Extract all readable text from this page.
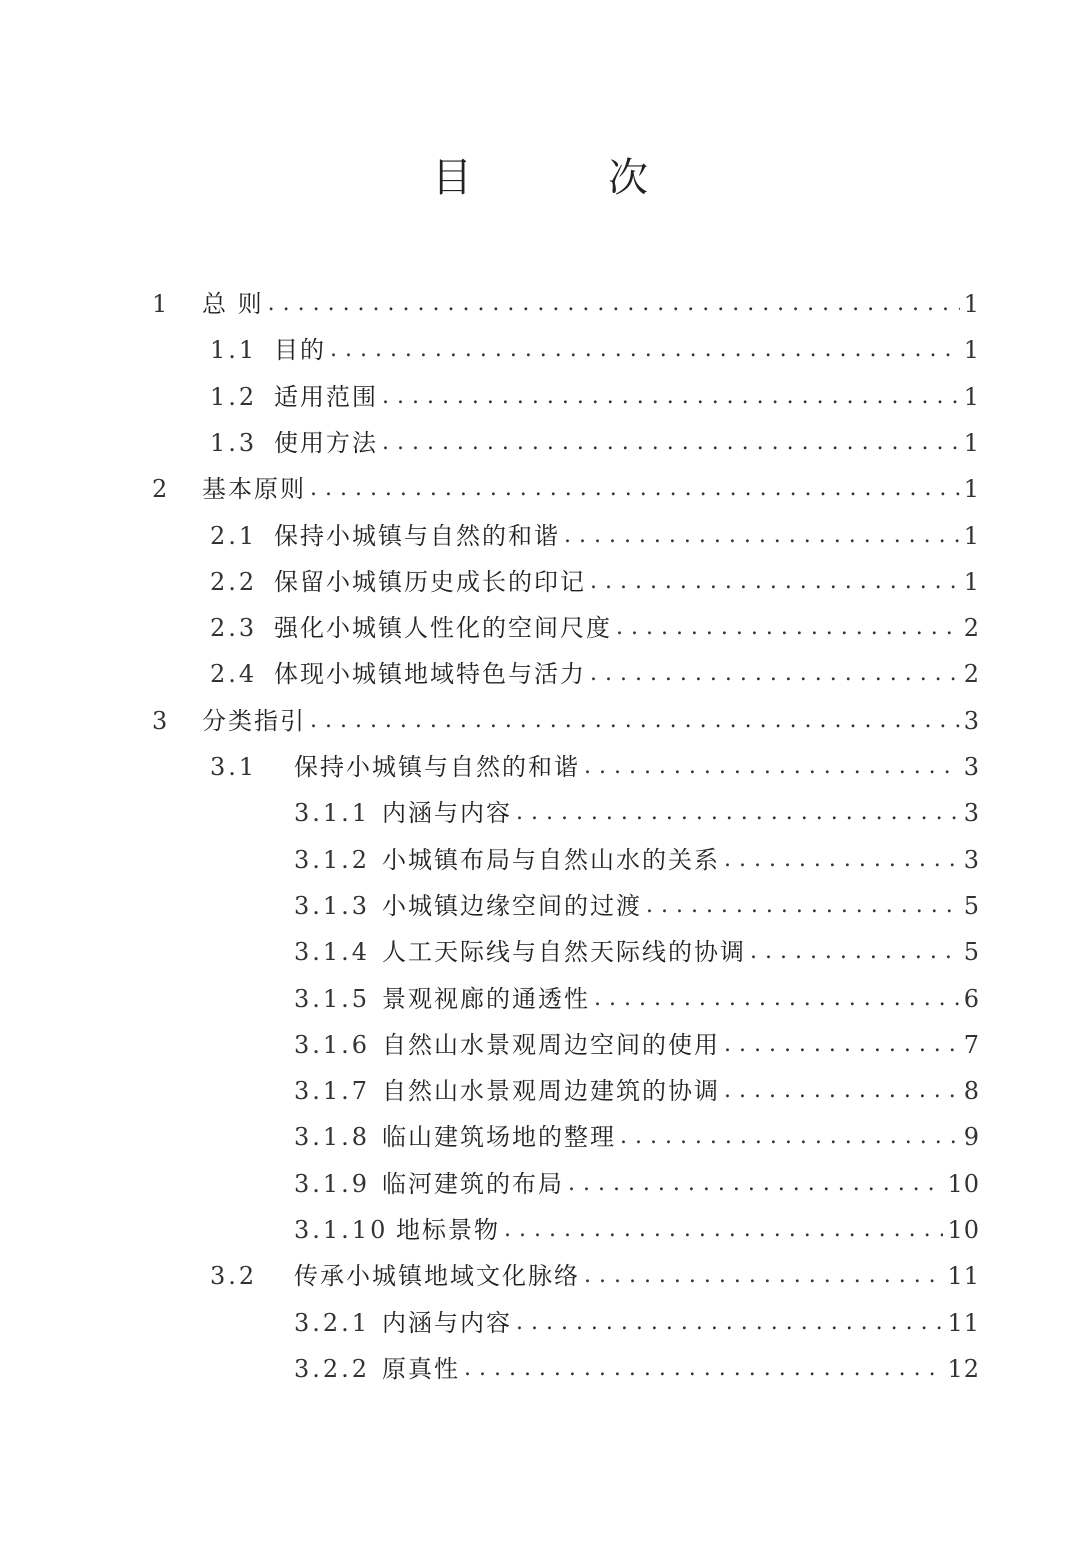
目　次
1	总 则 . . .	1
1.1 目的 . . .	1
1.2 适用范围 . . .	1
1.3 使用方法 . . .	1
2	基本原则 . . .	1
2.1 保持小城镇与自然的和谐 . . .	1
2.2 保留小城镇历史成长的印记 . . .	1
2.3 强化小城镇人性化的空间尺度 . . .	2
2.4 体现小城镇地域特色与活力 . . .	2
3	分类指引 . . .	3
3.1	保持小城镇与自然的和谐 . . .	3
3.1.1 内涵与内容 . . .	3
3.1.2 小城镇布局与自然山水的关系 . . .	3
3.1.3 小城镇边缘空间的过渡 . . .	5
3.1.4 人工天际线与自然天际线的协调 . . .	5
3.1.5 景观视廊的通透性 . . .	6
3.1.6 自然山水景观周边空间的使用 . . .	7
3.1.7 自然山水景观周边建筑的协调 . . .	8
3.1.8 临山建筑场地的整理 . . .	9
3.1.9 临河建筑的布局 . . .	10
3.1.10 地标景物 . . .	10
3.2	传承小城镇地域文化脉络 . . .	11
3.2.1 内涵与内容 . . .	11
3.2.2 原真性 . . .	12
